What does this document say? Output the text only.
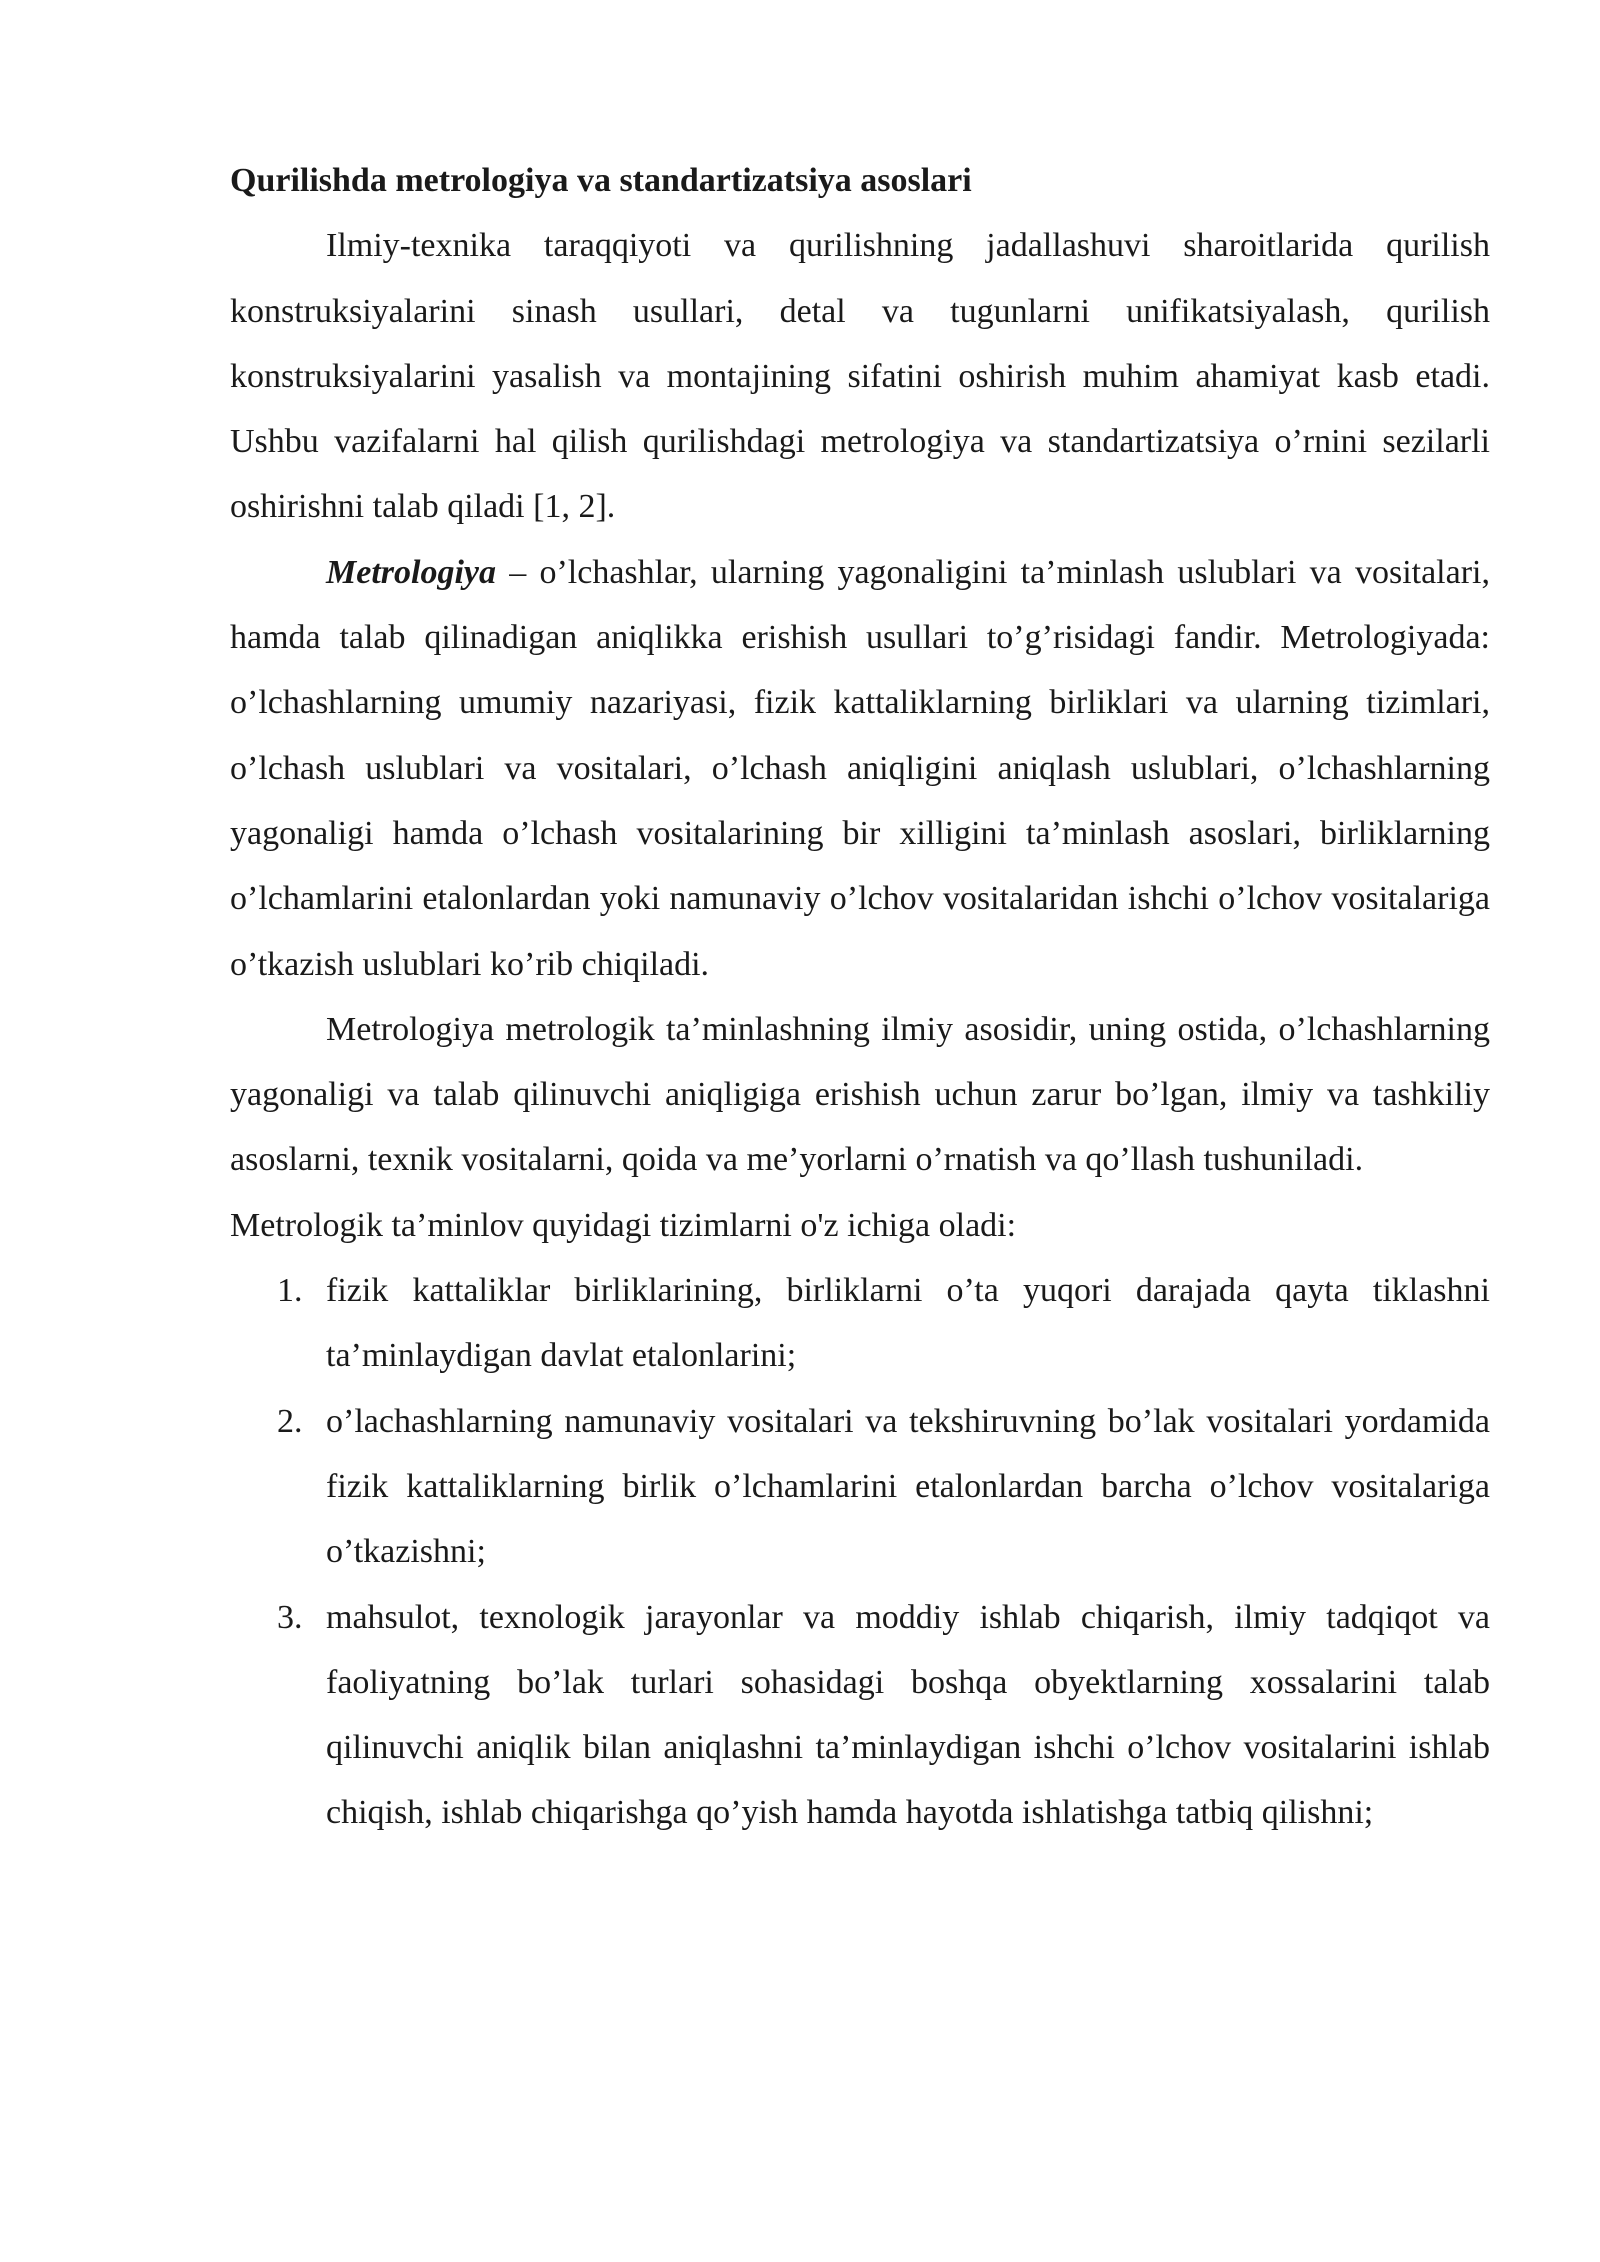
Qurilishda metrologiya va standartizatsiya asoslari

Ilmiy-texnika taraqqiyoti va qurilishning jadallashuvi sharoitlarida qurilish konstruksiyalarini sinash usullari, detal va tugunlarni unifikatsiyalash, qurilish konstruksiyalarini yasalish va montajining sifatini oshirish muhim ahamiyat kasb etadi. Ushbu vazifalarni hal qilish qurilishdagi metrologiya va standartizatsiya o’rnini sezilarli oshirishni talab qiladi [1, 2].

Metrologiya – o’lchashlar, ularning yagonaligini ta’minlash uslublari va vositalari, hamda talab qilinadigan aniqlikka erishish usullari to’g’risidagi fandir. Metrologiyada: o’lchashlarning umumiy nazariyasi, fizik kattaliklarning birliklari va ularning tizimlari, o’lchash uslublari va vositalari, o’lchash aniqligini aniqlash uslublari, o’lchashlarning yagonaligi hamda o’lchash vositalarining bir xilligini ta’minlash asoslari, birliklarning o’lchamlarini etalonlardan yoki namunaviy o’lchov vositalaridan ishchi o’lchov vositalariga o’tkazish uslublari ko’rib chiqiladi.

Metrologiya metrologik ta’minlashning ilmiy asosidir, uning ostida, o’lchashlarning yagonaligi va talab qilinuvchi aniqligiga erishish uchun zarur bo’lgan, ilmiy va tashkiliy asoslarni, texnik vositalarni, qoida va me’yorlarni o’rnatish va qo’llash tushuniladi.

Metrologik ta’minlov quyidagi tizimlarni o'z ichiga oladi:

1. fizik kattaliklar birliklarining, birliklarni o’ta yuqori darajada qayta tiklashni ta’minlaydigan davlat etalonlarini;
2. o’lachashlarning namunaviy vositalari va tekshiruvning bo’lak vositalari yordamida fizik kattaliklarning birlik o’lchamlarini etalonlardan barcha o’lchov vositalariga o’tkazishni;
3. mahsulot, texnologik jarayonlar va moddiy ishlab chiqarish, ilmiy tadqiqot va faoliyatning bo’lak turlari sohasidagi boshqa obyektlarning xossalarini talab qilinuvchi aniqlik bilan aniqlashni ta’minlaydigan ishchi o’lchov vositalarini ishlab chiqish, ishlab chiqarishga qo’yish hamda hayotda ishlatishga tatbiq qilishni;
